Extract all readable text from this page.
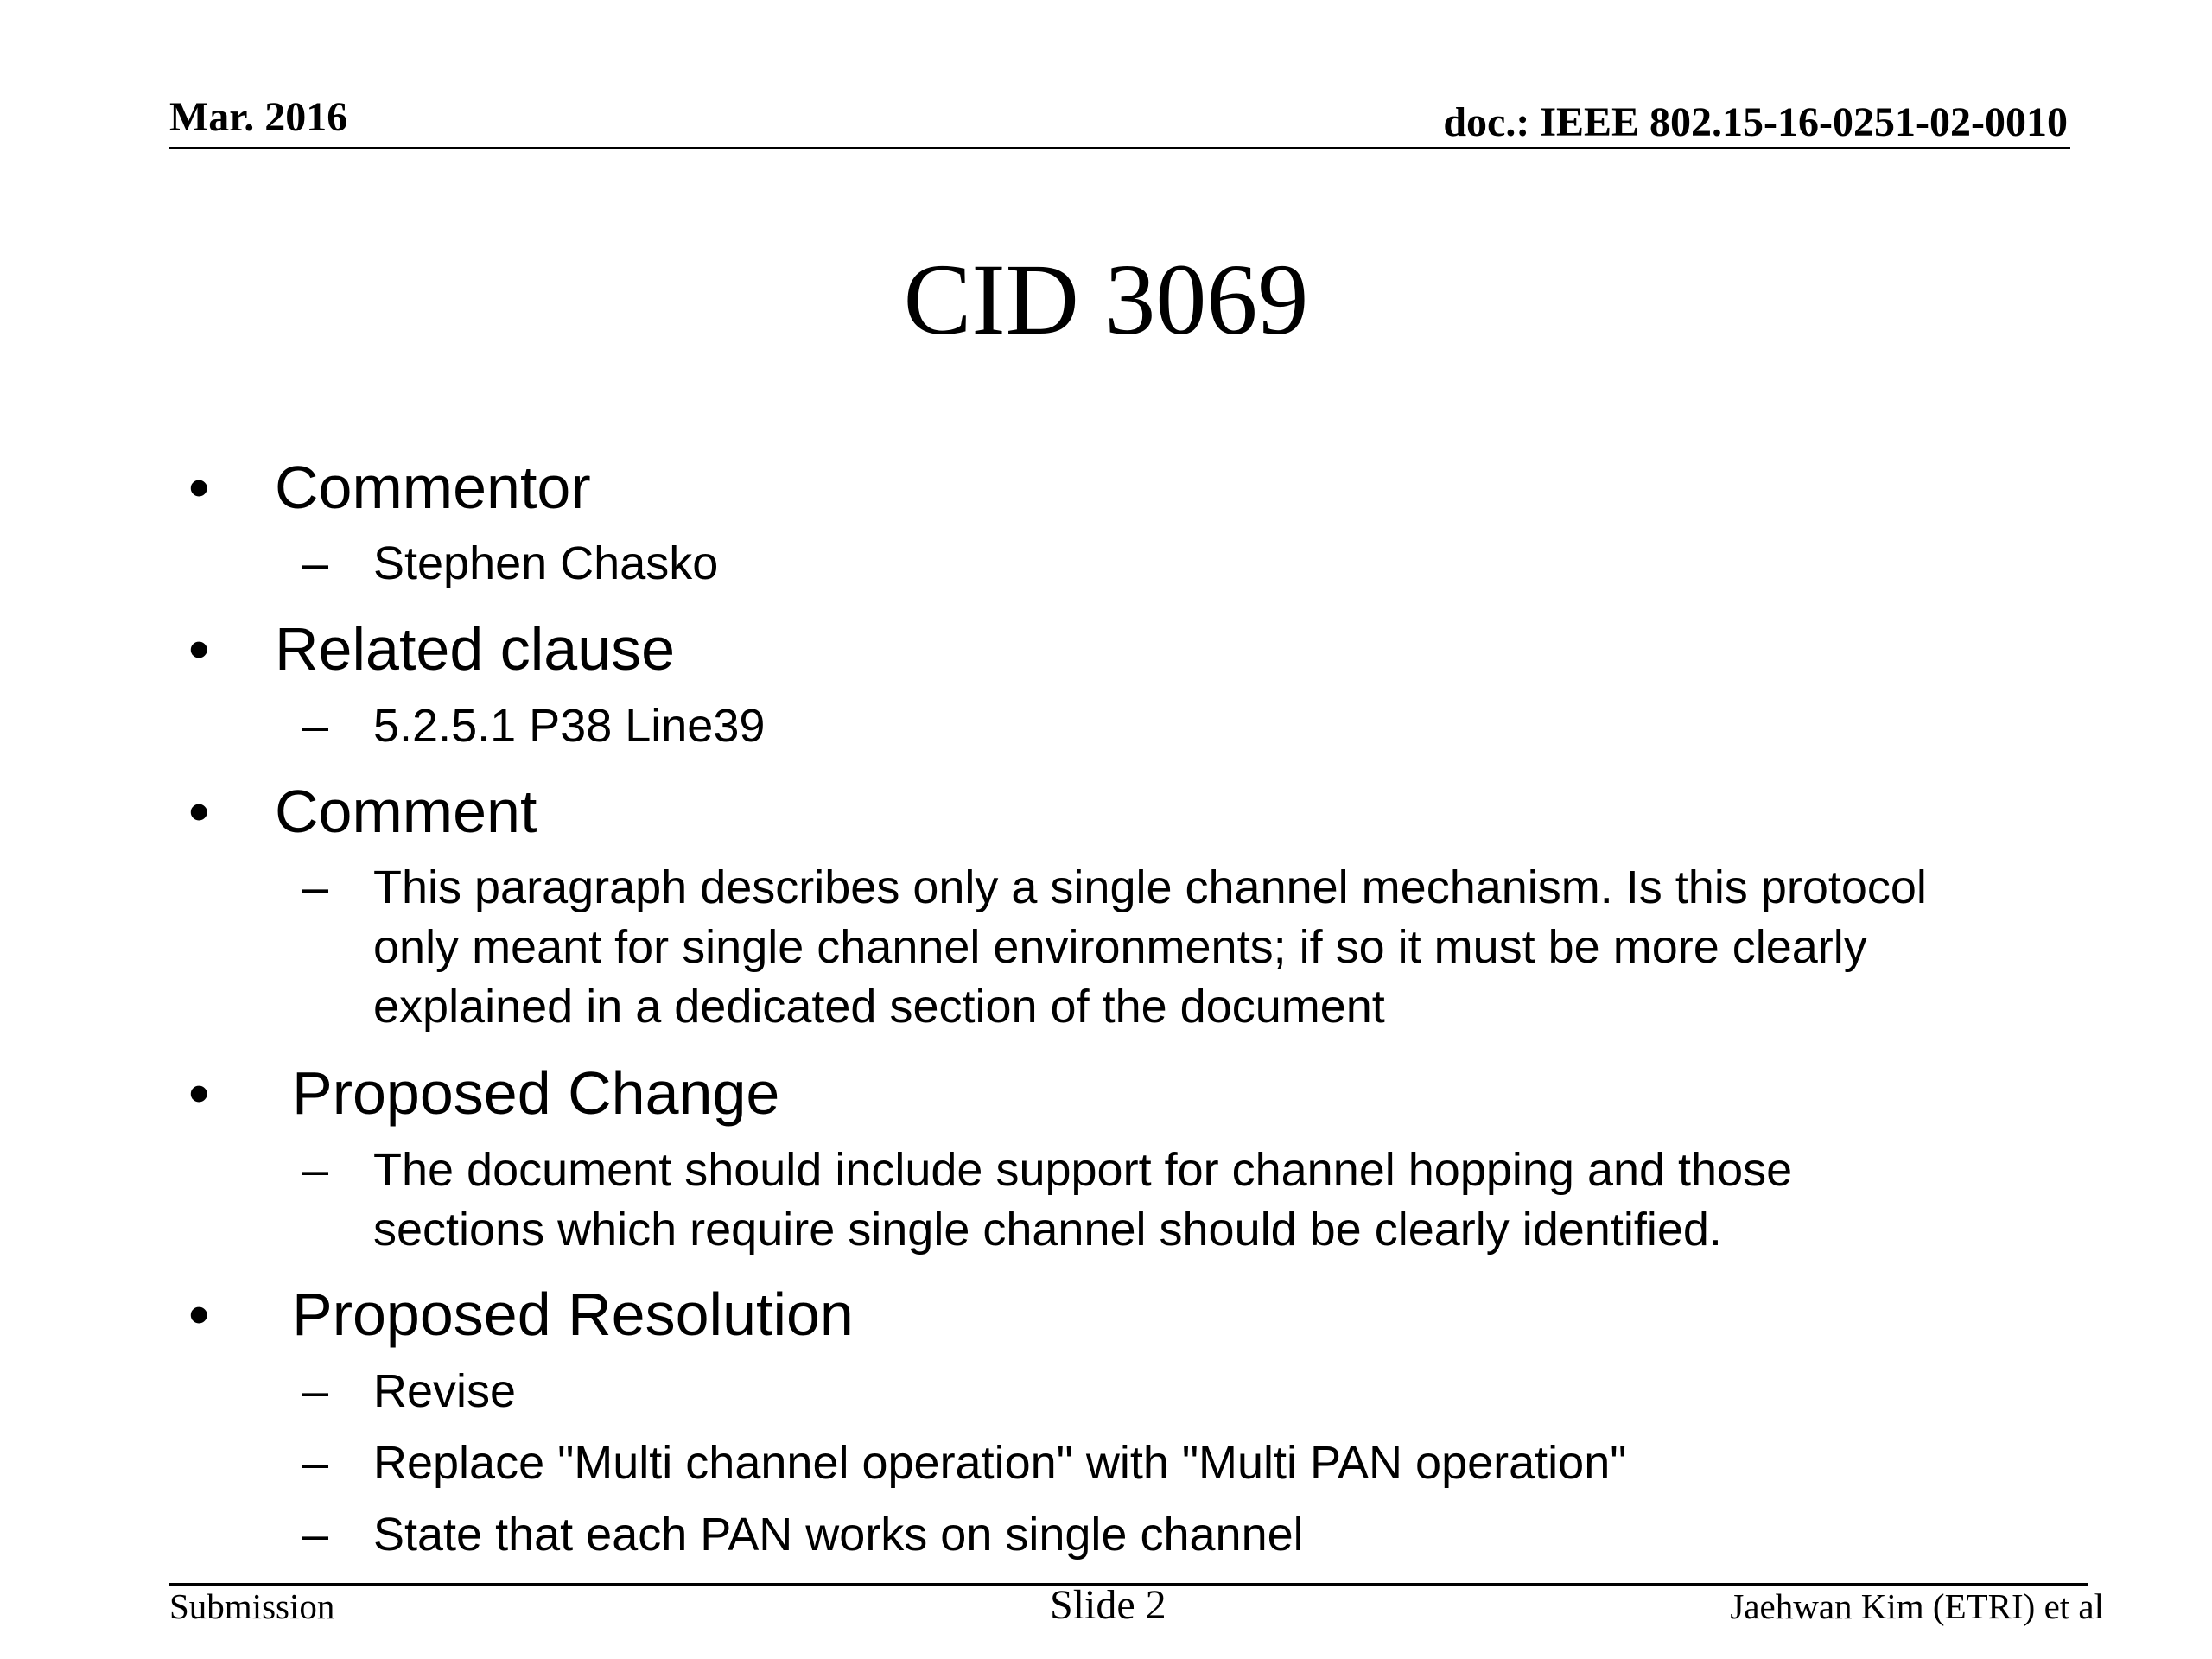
Mar. 2016	doc.: IEEE 802.15-16-0251-02-0010
CID 3069
• Commentor
– Stephen Chasko
• Related clause
– 5.2.5.1 P38 Line39
• Comment
– This paragraph describes only a single channel mechanism. Is this protocol
only meant for single channel environments; if so it must be more clearly
explained in a dedicated section of the document
• Proposed Change
– The document should include support for channel hopping and those
sections which require single channel should be clearly identified.
• Proposed Resolution
– Revise
– Replace "Multi channel operation" with "Multi PAN operation"
– State that each PAN works on single channel
Submission	Slide 2	Jaehwan Kim (ETRI) et al
